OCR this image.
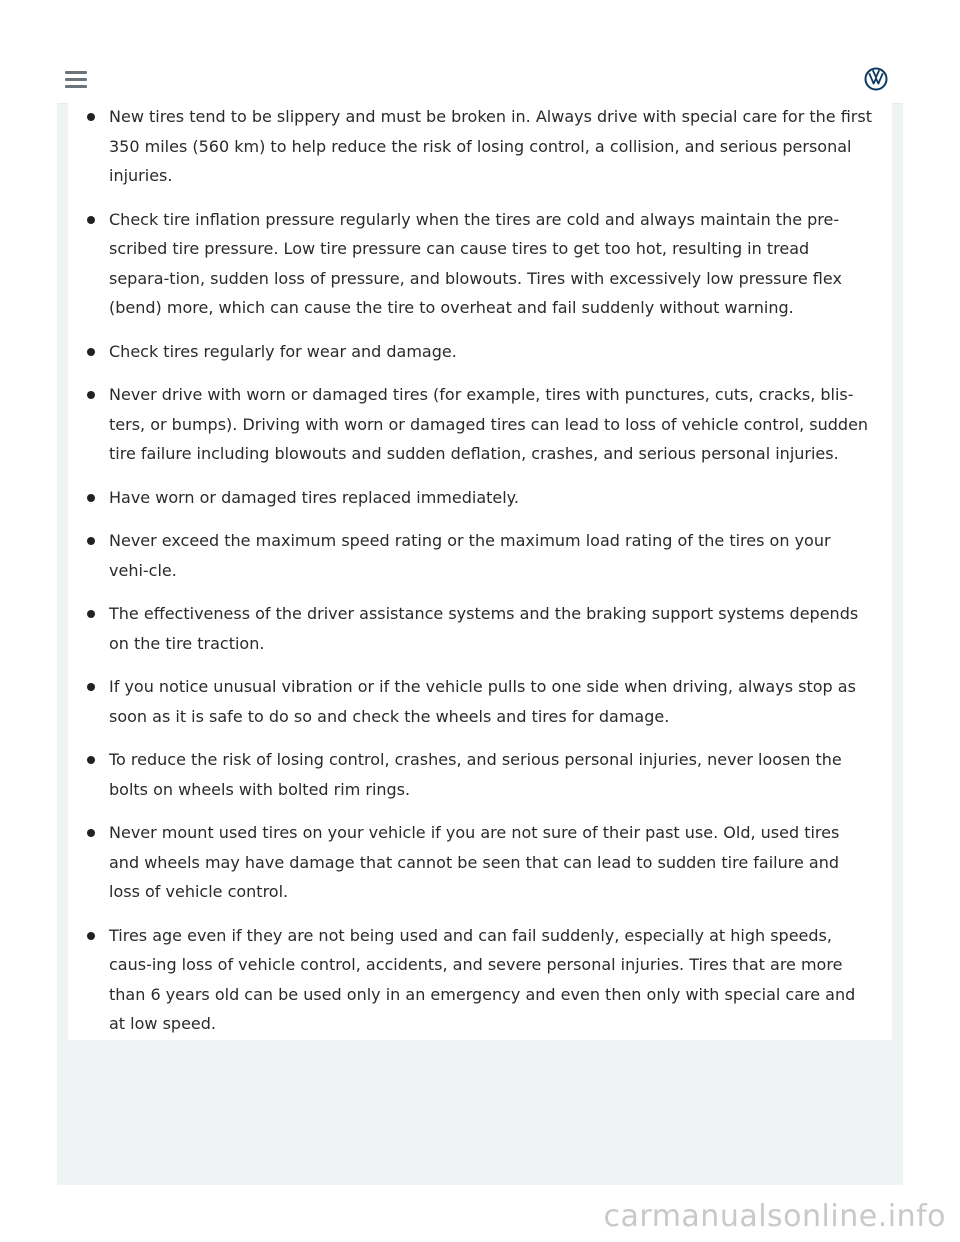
New tires tend to be slippery and must be broken in. Always drive with special care for the first 350 miles (560 km) to help reduce the risk of losing control, a collision, and serious personal injuries.
Check tire inflation pressure regularly when the tires are cold and always maintain the pre-scribed tire pressure. Low tire pressure can cause tires to get too hot, resulting in tread separa-tion, sudden loss of pressure, and blowouts. Tires with excessively low pressure flex (bend) more, which can cause the tire to overheat and fail suddenly without warning.
Check tires regularly for wear and damage.
Never drive with worn or damaged tires (for example, tires with punctures, cuts, cracks, blis-ters, or bumps). Driving with worn or damaged tires can lead to loss of vehicle control, sudden tire failure including blowouts and sudden deflation, crashes, and serious personal injuries.
Have worn or damaged tires replaced immediately.
Never exceed the maximum speed rating or the maximum load rating of the tires on your vehi-cle.
The effectiveness of the driver assistance systems and the braking support systems depends on the tire traction.
If you notice unusual vibration or if the vehicle pulls to one side when driving, always stop as soon as it is safe to do so and check the wheels and tires for damage.
To reduce the risk of losing control, crashes, and serious personal injuries, never loosen the bolts on wheels with bolted rim rings.
Never mount used tires on your vehicle if you are not sure of their past use. Old, used tires and wheels may have damage that cannot be seen that can lead to sudden tire failure and loss of vehicle control.
Tires age even if they are not being used and can fail suddenly, especially at high speeds, caus-ing loss of vehicle control, accidents, and severe personal injuries. Tires that are more than 6 years old can be used only in an emergency and even then only with special care and at low speed.
carmanualsonline.info
